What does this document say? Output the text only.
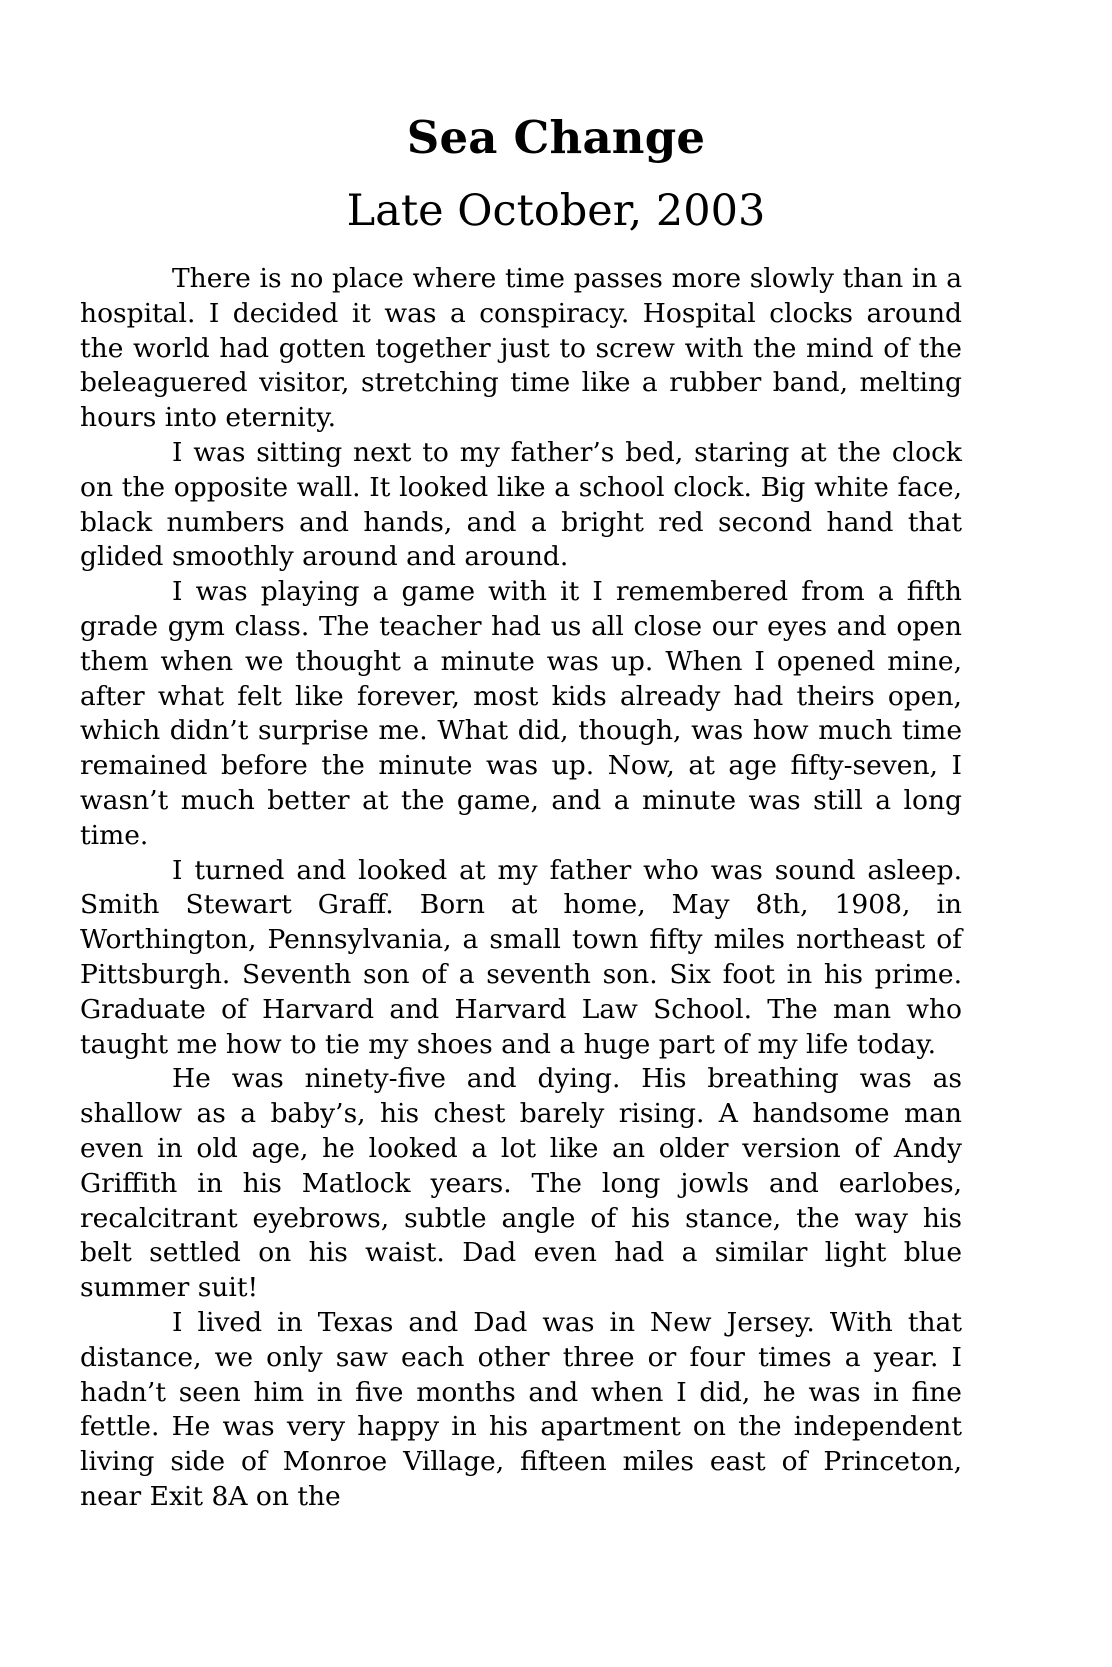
Sea Change
Late October, 2003

There is no place where time passes more slowly than in a hospital. I decided it was a conspiracy. Hospital clocks around the world had gotten together just to screw with the mind of the beleaguered visitor, stretching time like a rubber band, melting hours into eternity.

I was sitting next to my father’s bed, staring at the clock on the opposite wall. It looked like a school clock. Big white face, black numbers and hands, and a bright red second hand that glided smoothly around and around.

I was playing a game with it I remembered from a fifth grade gym class. The teacher had us all close our eyes and open them when we thought a minute was up. When I opened mine, after what felt like forever, most kids already had theirs open, which didn’t surprise me. What did, though, was how much time remained before the minute was up. Now, at age fifty-seven, I wasn’t much better at the game, and a minute was still a long time.

I turned and looked at my father who was sound asleep. Smith Stewart Graff. Born at home, May 8th, 1908, in Worthington, Pennsylvania, a small town fifty miles northeast of Pittsburgh. Seventh son of a seventh son. Six foot in his prime. Graduate of Harvard and Harvard Law School. The man who taught me how to tie my shoes and a huge part of my life today.

He was ninety-five and dying. His breathing was as shallow as a baby’s, his chest barely rising. A handsome man even in old age, he looked a lot like an older version of Andy Griffith in his Matlock years. The long jowls and earlobes, recalcitrant eyebrows, subtle angle of his stance, the way his belt settled on his waist. Dad even had a similar light blue summer suit!

I lived in Texas and Dad was in New Jersey. With that distance, we only saw each other three or four times a year. I hadn’t seen him in five months and when I did, he was in fine fettle. He was very happy in his apartment on the independent living side of Monroe Village, fifteen miles east of Princeton, near Exit 8A on the
